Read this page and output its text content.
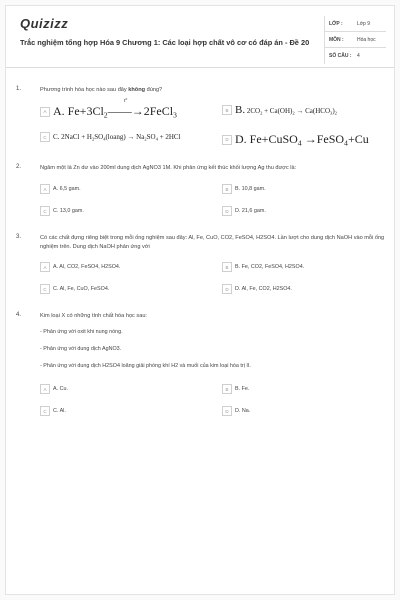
Quizizz
Trắc nghiệm tổng hợp Hóa 9 Chương 1: Các loại hợp chất vô cơ có đáp án - Đề 20
LỚP :	Lớp 9
MÔN :	Hóa học
SỐ CÂU :	4
1.	Phương trình hóa học nào sau đây không đúng?
A A. $Fe+3Cl_2$
t°
——→2FeCl$_3$
B B. $2CO_2 + Ca(OH)_2 \to Ca(HCO_3)_2$
C C. 2NaCl + $H_2SO_4(loang) \to Na_2SO_4 + 2HCl$	D D. Fe+CuSO$_4$ →FeSO$_4$+Cu
2.	Ngâm một lá Zn dư vào 200ml dung dịch AgNO3 1M. Khi phản ứng kết thúc khối lượng Ag thu được là:
A	A. 6,5 gam.	B	B. 10,8 gam.
C	C. 13,0 gam.	D	D. 21,6 gam.
3.	Có các chất đựng riêng biệt trong mỗi ống nghiệm sau đây: Al, Fe, CuO, CO2, FeSO4, H2SO4. Lần lượt cho dung dịch NaOH vào mỗi ống nghiệm trên. Dung dịch NaOH phản ứng với
A	A. Al, CO2, FeSO4, H2SO4.	B	B. Fe, CO2, FeSO4, H2SO4.
C	C. Al, Fe, CuO, FeSO4.	D	D. Al, Fe, CO2, H2SO4.
4.	Kim loại X có những tính chất hóa học sau:
- Phản ứng với oxit khi nung nóng.
- Phản ứng với dung dịch AgNO3.
- Phản ứng với dung dịch H2SO4 loãng giải phóng khí H2 và muối của kim loại hóa trị II.
A	A. Cu.	B	B. Fe.
C	C. Al.	D	D. Na.
